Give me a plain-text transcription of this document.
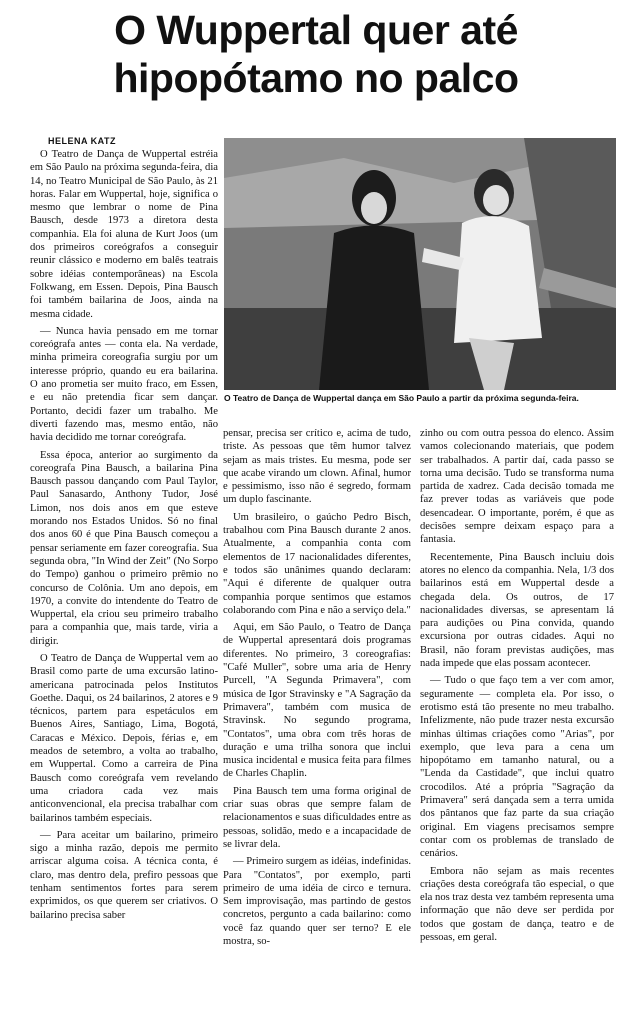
O Wuppertal quer até hipopótamo no palco
HELENA KATZ

O Teatro de Dança de Wuppertal estréia em São Paulo na próxima segunda-feira, dia 14, no Teatro Municipal de São Paulo, às 21 horas. Falar em Wuppertal, hoje, significa o mesmo que lembrar o nome de Pina Bausch, desde 1973 a diretora desta companhia. Ela foi aluna de Kurt Joos (um dos primeiros coreógrafos a conseguir reunir clássico e moderno em balês teatrais sobre idéias contemporâneas) na Escola Folkwang, em Essen. Depois, Pina Bausch foi também bailarina de Joos, ainda na mesma cidade.

— Nunca havia pensado em me tornar coreógrafa antes — conta ela. Na verdade, minha primeira coreografia surgiu por um interesse próprio, quando eu era bailarina. O ano prometia ser muito fraco, em Essen, e eu não pretendia ficar sem dançar. Portanto, decidi fazer um trabalho. Me diverti fazendo mas, mesmo então, não havia decidido me tornar coreógrafa.

Essa época, anterior ao surgimento da coreografa Pina Bausch, a bailarina Pina Bausch passou dançando com Paul Taylor, Paul Sanasardo, Anthony Tudor, José Limon, nos dois anos em que esteve morando nos Estados Unidos. Só no final dos anos 60 é que Pina Bausch começou a pensar seriamente em fazer coreografia. Sua segunda obra, "In Wind der Zeit" (No Sorpo do Tempo) ganhou o primeiro prêmio no concurso de Colônia. Um ano depois, em 1970, a convite do intendente do Teatro de Wuppertal, ela criou seu primeiro trabalho para a companhia que, mais tarde, viria a dirigir.

O Teatro de Dança de Wuppertal vem ao Brasil como parte de uma excursão latino-americana patrocinada pelos Institutos Goethe. Daqui, os 24 bailarinos, 2 atores e 9 técnicos, partem para espetáculos em Buenos Aires, Santiago, Lima, Bogotá, Caracas e México. Depois, férias e, em meados de setembro, a volta ao trabalho, em Wuppertal. Como a carreira de Pina Bausch como coreógrafa vem revelando uma criadora cada vez mais anticonvencional, ela precisa trabalhar com bailarinos também especiais.

— Para aceitar um bailarino, primeiro sigo a minha razão, depois me permito arriscar alguma coisa. A técnica conta, é claro, mas dentro dela, prefiro pessoas que tenham sentimentos fortes para serem exprimidos, os que querem ser criativos. O bailarino precisa saber

O Teatro de Dança de Wuppertal dança em São Paulo a partir da próxima segunda-feira.

pensar, precisa ser crítico e, acima de tudo, triste. As pessoas que têm humor talvez sejam as mais tristes. Eu mesma, pode ser que acabe virando um clown. Afinal, humor e pessimismo, isso não é segredo, formam um duplo fascinante.

Um brasileiro, o gaúcho Pedro Bisch, trabalhou com Pina Bausch durante 2 anos. Atualmente, a companhia conta com elementos de 17 nacionalidades diferentes, e todos são unânimes quando declaram: "Aqui é diferente de qualquer outra companhia porque sentimos que estamos colaborando com Pina e não a serviço dela."

Aqui, em São Paulo, o Teatro de Dança de Wuppertal apresentará dois programas diferentes. No primeiro, 3 coreografias: "Café Muller", sobre uma aria de Henry Purcell, "A Segunda Primavera", com música de Igor Stravinsky e "A Sagração da Primavera", também com musica de Stravinsk. No segundo programa, "Contatos", uma obra com três horas de duração e uma trilha sonora que inclui musica incidental e musica feita para filmes de Charles Chaplin.

Pina Bausch tem uma forma original de criar suas obras que sempre falam de relacionamentos e suas dificuldades entre as pessoas, solidão, medo e a incapacidade de se livrar dela.

— Primeiro surgem as idéias, indefinidas. Para "Contatos", por exemplo, parti primeiro de uma idéia de circo e ternura. Sem improvisação, mas partindo de gestos concretos, pergunto a cada bailarino: como você faz quando quer ser terno? E ele mostra, so-

zinho ou com outra pessoa do elenco. Assim vamos colecionando materiais, que podem ser trabalhados. A partir daí, cada passo se torna uma decisão. Tudo se transforma numa partida de xadrez. Cada decisão tomada me faz prever todas as variáveis que pode desencadear. O importante, porém, é que as decisões sempre deixam espaço para a fantasia.

Recentemente, Pina Bausch incluiu dois atores no elenco da companhia. Nela, 1/3 dos bailarinos está em Wuppertal desde a chegada dela. Os outros, de 17 nacionalidades diversas, se apresentam lá para audições ou Pina convida, quando excursiona por outras cidades. Aqui no Brasil, não foram previstas audições, mas nada impede que elas possam acontecer.

— Tudo o que faço tem a ver com amor, seguramente — completa ela. Por isso, o erotismo está tão presente no meu trabalho. Infelizmente, não pude trazer nesta excursão minhas últimas criações como "Arias", por exemplo, que leva para a cena um hipopótamo em tamanho natural, ou a "Lenda da Castidade", que inclui quatro crocodilos. Até a própria "Sagração da Primavera" será dançada sem a terra umida dos pântanos que faz parte da sua criação original. Em viagens precisamos sempre contar com os problemas de translado de cenários.

Embora não sejam as mais recentes criações desta coreógrafa tão especial, o que ela nos traz desta vez também representa uma informação que não deve ser perdida por todos que gostam de dança, teatro e de pessoas, em geral.
